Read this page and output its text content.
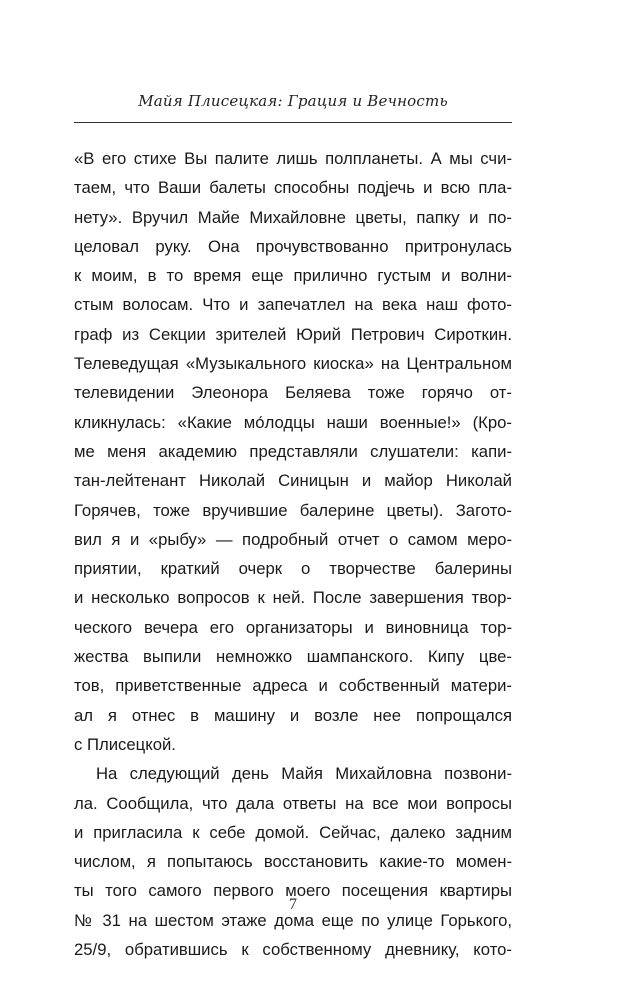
Майя Плисецкая: Грация и Вечность
«В его стихе Вы палите лишь полпланеты. А мы счи-
таем, что Ваши балеты способны подjечь и всю пла-
нету». Вручил Майе Михайловне цветы, папку и по-
целовал руку. Она прочувствованно притронулась
к моим, в то время еще прилично густым и волни-
стым волосам. Что и запечатлел на века наш фото-
граф из Секции зрителей Юрий Петрович Сироткин.
Телеведущая «Музыкального киоска» на Центральном
телевидении Элеонора Беляева тоже горячо от-
кликнулась: «Какие мо́лодцы наши военные!» (Кро-
ме меня академию представляли слушатели: капи-
тан-лейтенант Николай Синицын и майор Николай
Горячев, тоже вручившие балерине цветы). Загото-
вил я и «рыбу» — подробный отчет о самом меро-
приятии, краткий очерк о творчестве балерины
и несколько вопросов к ней. После завершения твор-
ческого вечера его организаторы и виновница тор-
жества выпили немножко шампанского. Кипу цве-
тов, приветственные адреса и собственный матери-
ал я отнес в машину и возле нее попрощался
с Плисецкой.
На следующий день Майя Михайловна позвони-
ла. Сообщила, что дала ответы на все мои вопросы
и пригласила к себе домой. Сейчас, далеко задним
числом, я попытаюсь восстановить какие-то момен-
ты того самого первого моего посещения квартиры
№ 31 на шестом этаже дома еще по улице Горького,
25/9, обратившись к собственному дневнику, кото-
7
